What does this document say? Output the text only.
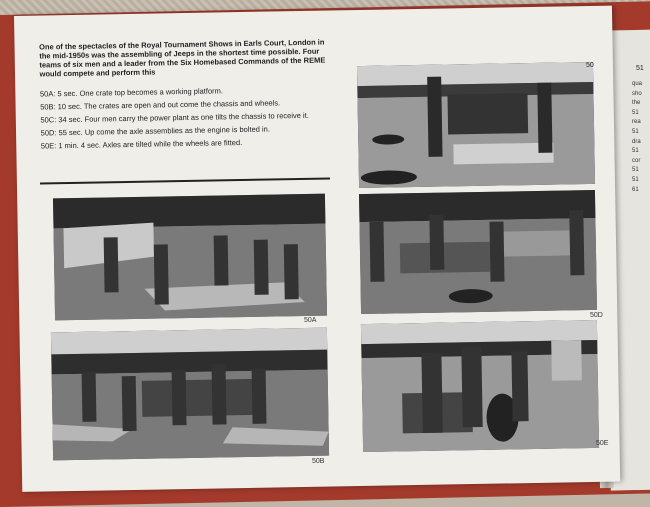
One of the spectacles of the Royal Tournament Shows in Earls Court, London in the mid-1950s was the assembling of Jeeps in the shortest time possible. Four teams of six men and a leader from the Six Homebased Commands of the REME would compete and perform this

50A: 5 sec. One crate top becomes a working platform.

50B: 10 sec. The crates are open and out come the chassis and wheels.

50C: 34 sec. Four men carry the power plant as one tilts the chassis to receive it.

50D: 55 sec. Up come the axle assemblies as the engine is bolted in.

50E: 1 min. 4 sec. Axles are tilted while the wheels are fitted.

50A
50D
50B
50E
51
qua
sho
the
51
rea
51
dra
51
cor
51
51
61
50
